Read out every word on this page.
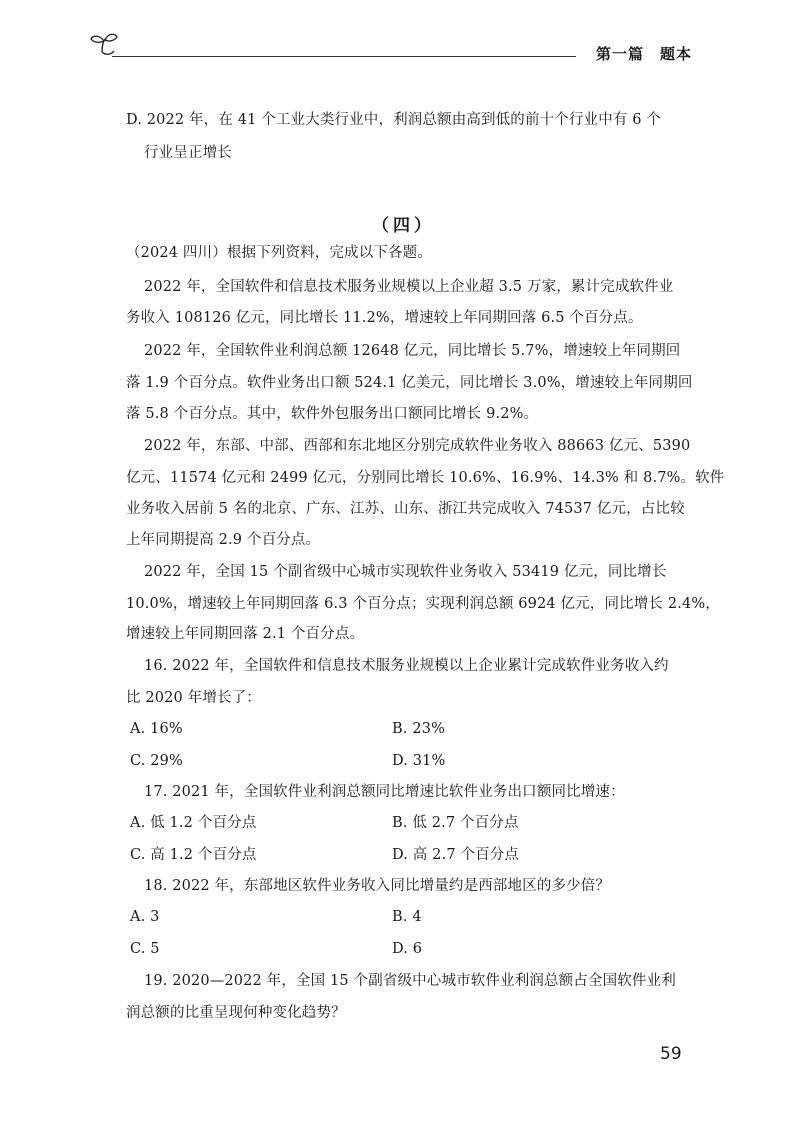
第一篇　题本
D. 2022 年，在 41 个工业大类行业中，利润总额由高到低的前十个行业中有 6 个
行业呈正增长
（四）
（2024 四川）根据下列资料，完成以下各题。
2022 年，全国软件和信息技术服务业规模以上企业超 3.5 万家，累计完成软件业
务收入 108126 亿元，同比增长 11.2%，增速较上年同期回落 6.5 个百分点。
2022 年，全国软件业利润总额 12648 亿元，同比增长 5.7%，增速较上年同期回
落 1.9 个百分点。软件业务出口额 524.1 亿美元，同比增长 3.0%，增速较上年同期回
落 5.8 个百分点。其中，软件外包服务出口额同比增长 9.2%。
2022 年，东部、中部、西部和东北地区分别完成软件业务收入 88663 亿元、5390
亿元、11574 亿元和 2499 亿元，分别同比增长 10.6%、16.9%、14.3% 和 8.7%。软件
业务收入居前 5 名的北京、广东、江苏、山东、浙江共完成收入 74537 亿元，占比较
上年同期提高 2.9 个百分点。
2022 年，全国 15 个副省级中心城市实现软件业务收入 53419 亿元，同比增长
10.0%，增速较上年同期回落 6.3 个百分点；实现利润总额 6924 亿元，同比增长 2.4%，
增速较上年同期回落 2.1 个百分点。
16. 2022 年，全国软件和信息技术服务业规模以上企业累计完成软件业务收入约
比 2020 年增长了：
A. 16%	B. 23%
C. 29%	D. 31%
17. 2021 年，全国软件业利润总额同比增速比软件业务出口额同比增速：
A. 低 1.2 个百分点	B. 低 2.7 个百分点
C. 高 1.2 个百分点	D. 高 2.7 个百分点
18. 2022 年，东部地区软件业务收入同比增量约是西部地区的多少倍？
A. 3	B. 4
C. 5	D. 6
19. 2020—2022 年，全国 15 个副省级中心城市软件业利润总额占全国软件业利
润总额的比重呈现何种变化趋势？
59
